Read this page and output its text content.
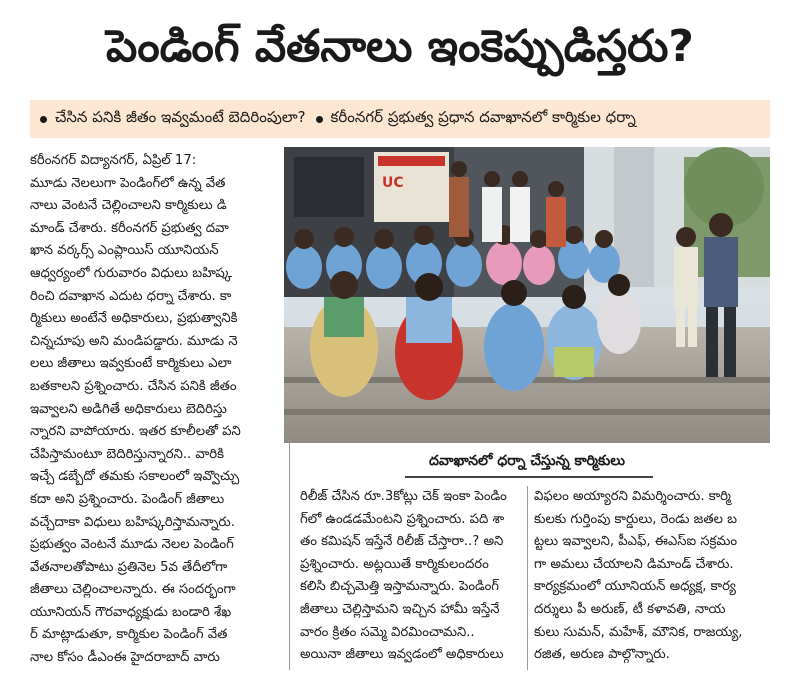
పెండింగ్ వేతనాలు ఇంకెప్పుడిస్తరు?
చేసిన పనికి జీతం ఇవ్వమంటే బెదిరింపులా? కరీంనగర్ ప్రభుత్వ ప్రధాన దవాఖానలో కార్మికుల ధర్నా
కరీంనగర్ విద్యానగర్, ఏప్రిల్ 17:
మూడు నెలలుగా పెండింగ్‌లో ఉన్న వేత
నాలు వెంటనే చెల్లించాలని కార్మికులు డి
మాండ్ చేశారు. కరీంనగర్ ప్రభుత్వ దవా
ఖాన వర్కర్స్ ఎంప్లాయిస్ యూనియన్
ఆధ్వర్యంలో గురువారం విధులు బహిష్క
రించి దవాఖాన ఎదుట ధర్నా చేశారు. కా
ర్మికులు అంటేనే అధికారులు, ప్రభుత్వానికి
చిన్నచూపు అని మండిపడ్డారు. మూడు నె
లలు జీతాలు ఇవ్వకుంటే కార్మికులు ఎలా
బతకాలని ప్రశ్నించారు. చేసిన పనికి జీతం
ఇవ్వాలని అడిగితే అధికారులు బెదిరిస్తు
న్నారని వాపోయారు. ఇతర కూలీలతో పని
చేపిస్తామంటూ బెదిరిస్తున్నారని.. వారికి
ఇచ్చే డబ్బేదో తమకు సకాలంలో ఇవ్వొచ్చు
కదా అని ప్రశ్నించారు. పెండింగ్ జీతాలు
వచ్చేదాకా విధులు బహిష్కరిస్తామన్నారు.
ప్రభుత్వం వెంటనే మూడు నెలల పెండింగ్
వేతనాలతోపాటు ప్రతినెల 5వ తేదీలోగా
జీతాలు చెల్లించాలన్నారు. ఈ సందర్భంగా
యూనియన్ గౌరవాధ్యక్షుడు బండారి శేఖ
ర్ మాట్లాడుతూ, కార్మికుల పెండింగ్ వేత
నాల కోసం డీఎంఈ హైదరాబాద్ వారు
UC
దవాఖానలో ధర్నా చేస్తున్న కార్మికులు
రిలీజ్ చేసిన రూ.3కోట్లు చెక్ ఇంకా పెండిం
గ్‌లో ఉండడమేంటని ప్రశ్నించారు. పది శా
తం కమిషన్ ఇస్తేనే రిలీజ్ చేస్తారా..? అని
ప్రశ్నించారు. అట్లయితే కార్మికులందరం
కలిసి బిచ్చమెత్తి ఇస్తామన్నారు. పెండింగ్
జీతాలు చెల్లిస్తామని ఇచ్చిన హామీ ఇస్తేనే
వారం క్రితం సమ్మె విరమించామని..
అయినా జీతాలు ఇవ్వడంలో అధికారులు
విఫలం అయ్యారని విమర్శించారు. కార్మి
కులకు గుర్తింపు కార్డులు, రెండు జతల బ
ట్టలు ఇవ్వాలని, పీఎఫ్, ఈఎస్ఐ సక్రమం
గా అమలు చేయాలని డిమాండ్ చేశారు.
కార్యక్రమంలో యూనియన్ అధ్యక్ష, కార్య
దర్శులు పీ అరుణ్, టీ కళావతి, నాయ
కులు సుమన్, మహేశ్, మౌనిక, రాజయ్య,
రజిత, అరుణ పాల్గొన్నారు.
